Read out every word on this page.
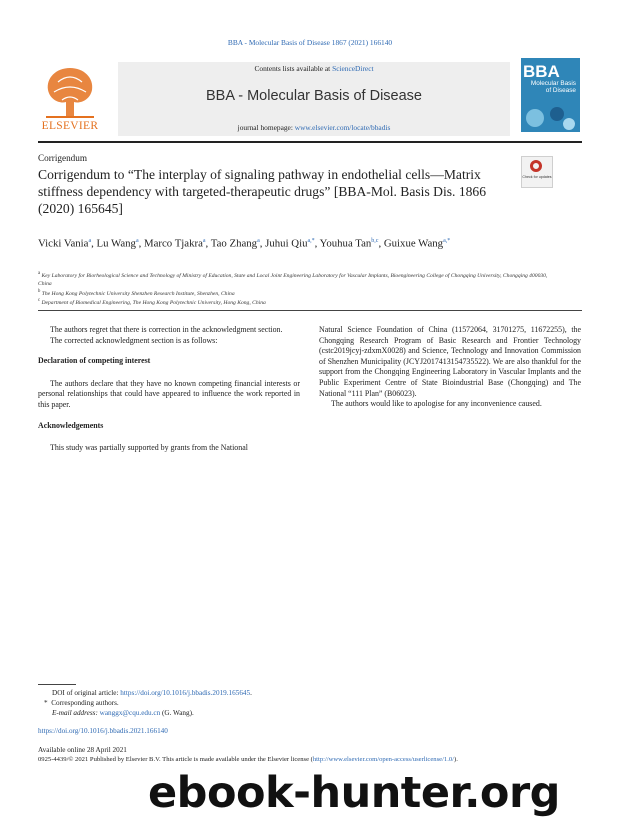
BBA - Molecular Basis of Disease 1867 (2021) 166140
ELSEVIER
Contents lists available at ScienceDirect
BBA - Molecular Basis of Disease
journal homepage: www.elsevier.com/locate/bbadis
BBA
Molecular Basis of Disease
Corrigendum
Corrigendum to “The interplay of signaling pathway in endothelial cells—Matrix stiffness dependency with targeted-therapeutic drugs” [BBA-Mol. Basis Dis. 1866 (2020) 165645]
Check for updates
Vicki Vania$^a$, Lu Wang$^a$, Marco Tjakra$^a$, Tao Zhang$^a$, Juhui Qiu$^{a,*}$, Youhua Tan$^{b,c}$, Guixue Wang$^{a,*}$
$^a$ Key Laboratory for Biorheological Science and Technology of Ministry of Education, State and Local Joint Engineering Laboratory for Vascular Implants, Bioengineering College of Chongqing University, Chongqing 400030, China
$^b$ The Hong Kong Polytechnic University Shenzhen Research Institute, Shenzhen, China
$^c$ Department of Biomedical Engineering, The Hong Kong Polytechnic University, Hong Kong, China

The authors regret that there is correction in the acknowledgment section.

The corrected acknowledgment section is as follows:

Declaration of competing interest

The authors declare that they have no known competing financial interests or personal relationships that could have appeared to influence the work reported in this paper.

Acknowledgements

This study was partially supported by grants from the National

Natural Science Foundation of China (11572064, 31701275, 11672255), the Chongqing Research Program of Basic Research and Frontier Technology (cstc2019jcyj-zdxmX0028) and Science, Technology and Innovation Commission of Shenzhen Municipality (JCYJ20174131547355​22). We are also thankful for the support from the Chongqing Engineering Laboratory in Vascular Implants and the Public Experiment Centre of State Bioindustrial Base (Chongqing) and The National “111 Plan” (B06023).

The authors would like to apologise for any inconvenience caused.

DOI of original article: https://doi.org/10.1016/j.bbadis.2019.165645.
* Corresponding authors.
E-mail address: wanggx@cqu.edu.cn (G. Wang).
https://doi.org/10.1016/j.bbadis.2021.166140
Available online 28 April 2021
0925-4439/© 2021 Published by Elsevier B.V. This article is made available under the Elsevier license (http://www.elsevier.com/open-access/userlicense/1.0/).
ebook-hunter.org
